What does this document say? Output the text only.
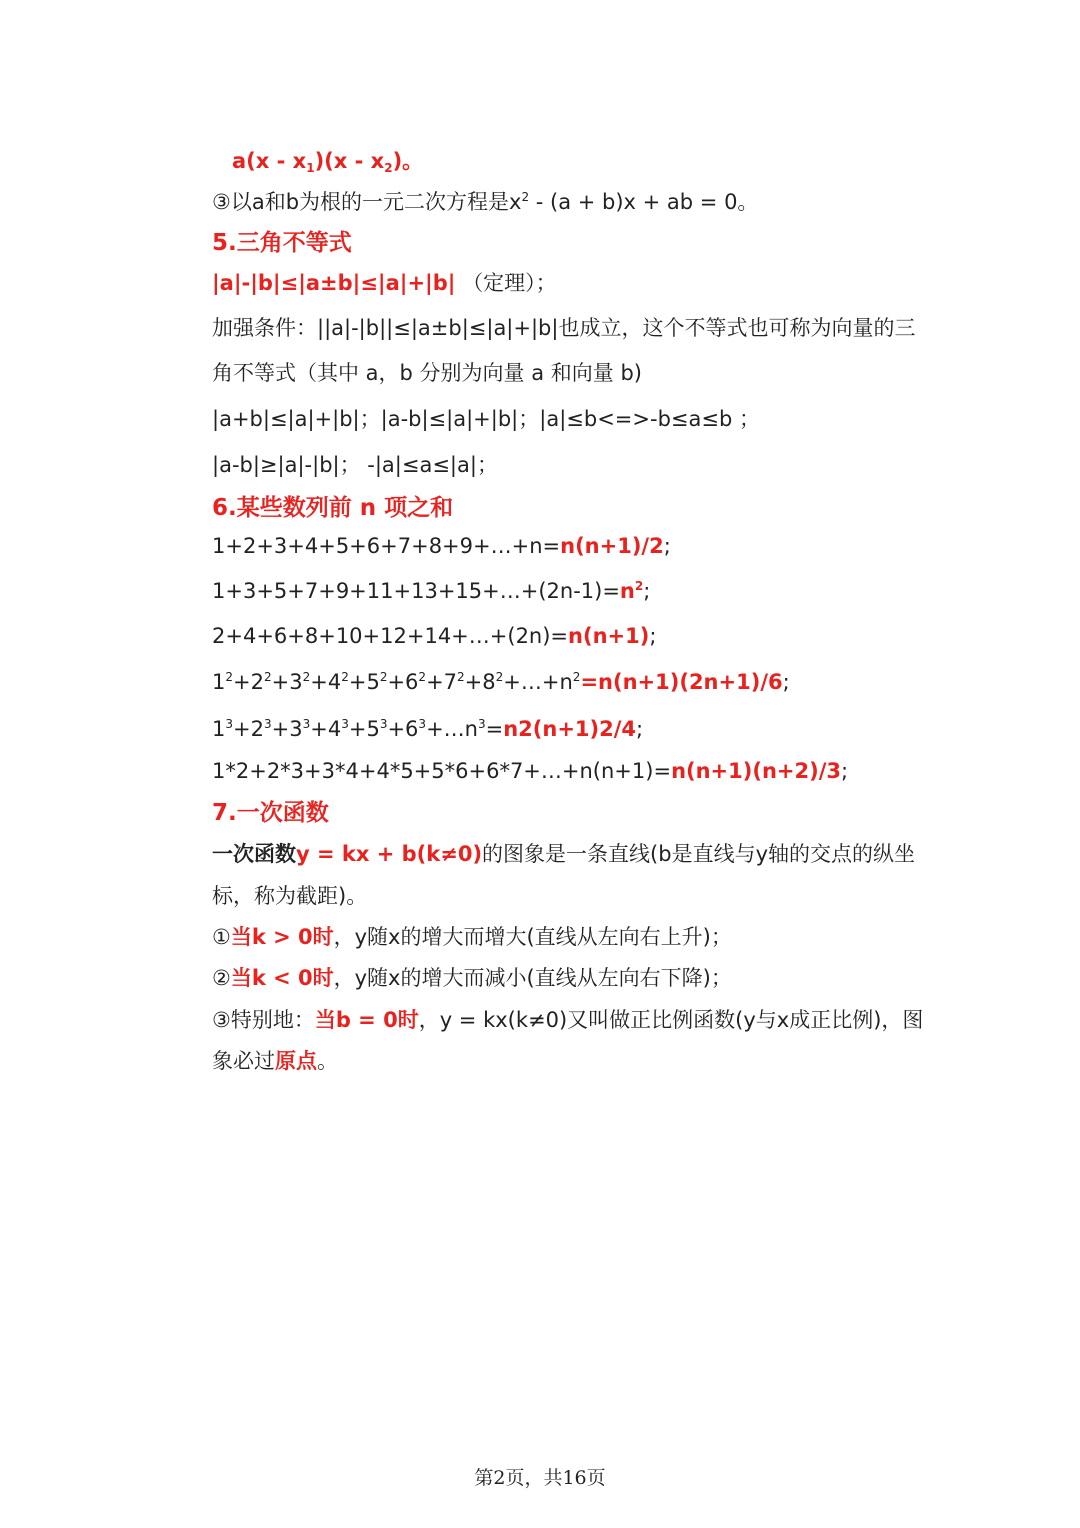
$a(x - x_1)(x - x_2)$。
③以a和b为根的一元二次方程是$x^2 - (a + b)x$ + ab = 0。
5.三角不等式
|a|-|b|≤|a±b|≤|a|+|b| （定理）；
加强条件：||a|-|b||≤|a±b|≤|a|+|b|也成立，这个不等式也可称为向量的三
角不等式（其中 a，b 分别为向量 a 和向量 b)
|a+b|≤|a|+|b|；|a-b|≤|a|+|b|；|a|≤b<=>-b≤a≤b ；
|a-b|≥|a|-|b|； -|a|≤a≤|a|；
6.某些数列前 n 项之和
1+2+3+4+5+6+7+8+9+…+n=n(n+1)/2;
$1+3+5+7+9+11+13+15+\dots+(2n-1)=n^2$;
2+4+6+8+10+12+14+…+(2n)=n(n+1);
$1^2+2^2+3^2+4^2+5^2+6^2+7^2+8^2+\dots+n^2=n(n+1)(2n+1)/6$;
$1^3+2^3+3^3+4^3+5^3+6^3+\dots n^3=n2(n+1)2/4$;
1*2+2*3+3*4+4*5+5*6+6*7+…+n(n+1)=n(n+1)(n+2)/3;
7.一次函数
一次函数y = kx + b(k≠0)的图象是一条直线(b是直线与y轴的交点的纵坐
标，称为截距)。
①当k > 0时，y随x的增大而增大(直线从左向右上升)；
②当k < 0时，y随x的增大而减小(直线从左向右下降)；
③特别地：当b = 0时，y = kx(k≠0)又叫做正比例函数(y与x成正比例)，图
象必过原点。
第2页，共16页
